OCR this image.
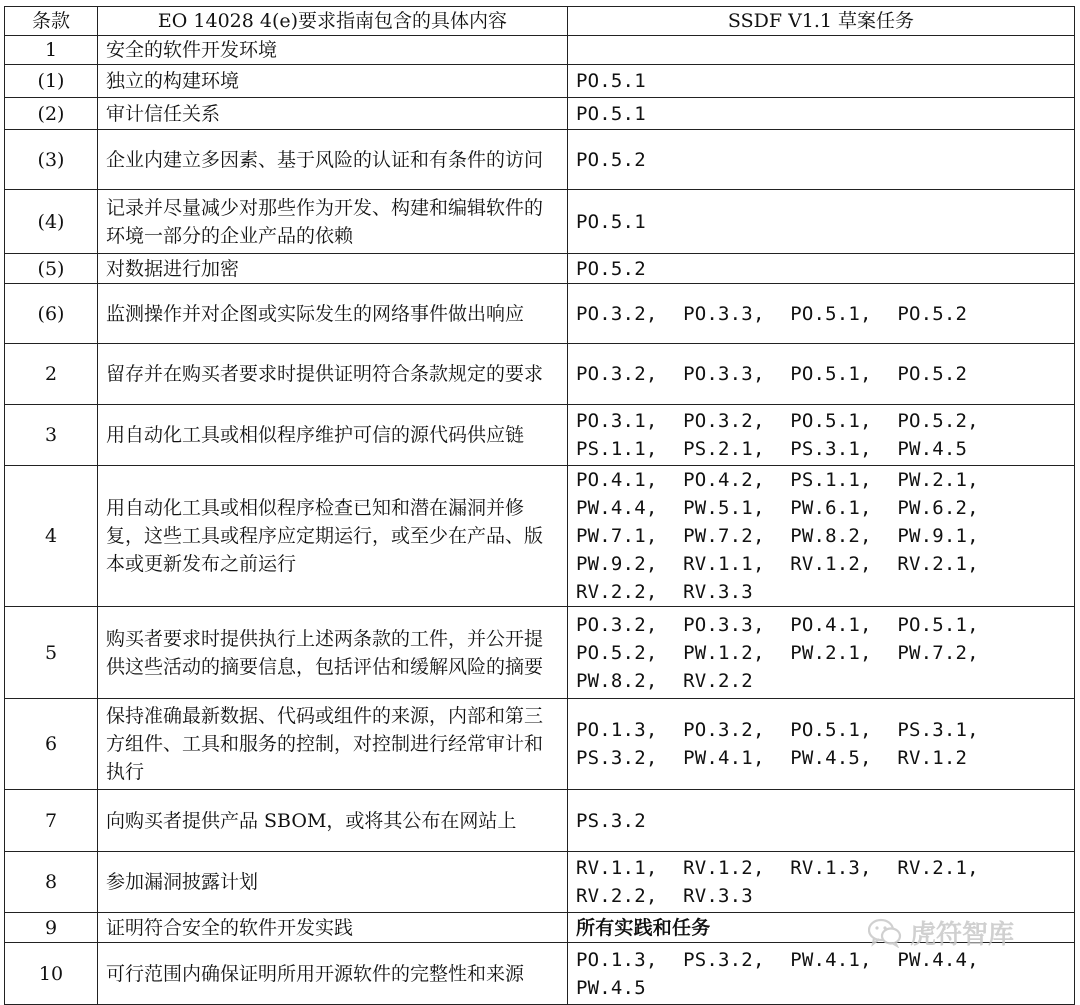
条款	EO 14028 4(e)要求指南包含的具体内容	SSDF V1.1 草案任务
1	安全的软件开发环境	
(1)	独立的构建环境	PO.5.1
(2)	审计信任关系	PO.5.1
(3)	企业内建立多因素、基于风险的认证和有条件的访问	PO.5.2
(4)	记录并尽量减少对那些作为开发、构建和编辑软件的环境一部分的企业产品的依赖	PO.5.1
(5)	对数据进行加密	PO.5.2
(6)	监测操作并对企图或实际发生的网络事件做出响应	PO.3.2, PO.3.3, PO.5.1, PO.5.2
2	留存并在购买者要求时提供证明符合条款规定的要求	PO.3.2, PO.3.3, PO.5.1, PO.5.2
3	用自动化工具或相似程序维护可信的源代码供应链	PO.3.1, PO.3.2, PO.5.1, PO.5.2, PS.1.1, PS.2.1, PS.3.1, PW.4.5
4	用自动化工具或相似程序检查已知和潜在漏洞并修复，这些工具或程序应定期运行，或至少在产品、版本或更新发布之前运行	PO.4.1, PO.4.2, PS.1.1, PW.2.1, PW.4.4, PW.5.1, PW.6.1, PW.6.2, PW.7.1, PW.7.2, PW.8.2, PW.9.1, PW.9.2, RV.1.1, RV.1.2, RV.2.1, RV.2.2, RV.3.3
5	购买者要求时提供执行上述两条款的工件，并公开提供这些活动的摘要信息，包括评估和缓解风险的摘要	PO.3.2, PO.3.3, PO.4.1, PO.5.1, PO.5.2, PW.1.2, PW.2.1, PW.7.2, PW.8.2, RV.2.2
6	保持准确最新数据、代码或组件的来源，内部和第三方组件、工具和服务的控制，对控制进行经常审计和执行	PO.1.3, PO.3.2, PO.5.1, PS.3.1, PS.3.2, PW.4.1, PW.4.5, RV.1.2
7	向购买者提供产品 SBOM，或将其公布在网站上	PS.3.2
8	参加漏洞披露计划	RV.1.1, RV.1.2, RV.1.3, RV.2.1, RV.2.2, RV.3.3
9	证明符合安全的软件开发实践	所有实践和任务
10	可行范围内确保证明所用开源软件的完整性和来源	PO.1.3, PS.3.2, PW.4.1, PW.4.4, PW.4.5
虎符智库
